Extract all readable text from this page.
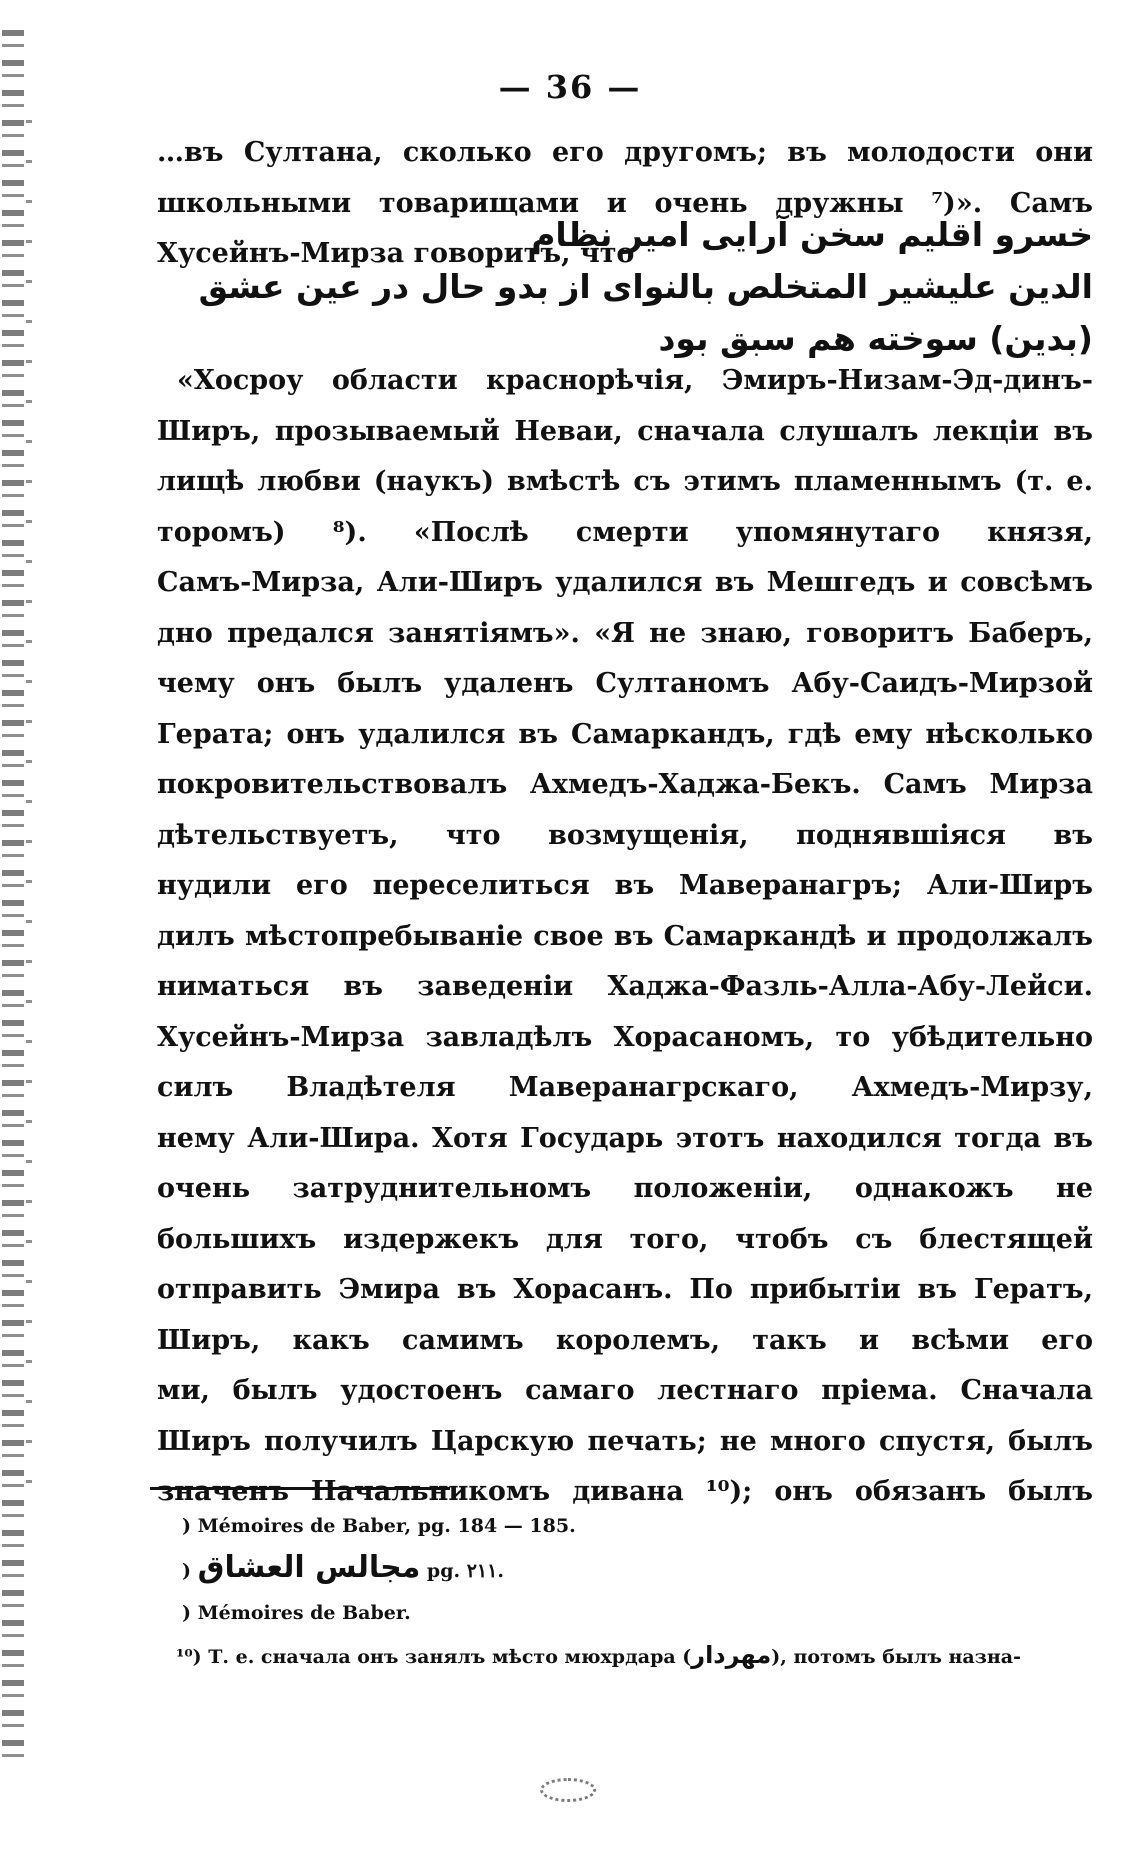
— 36 —
…въ Султана, сколько его другомъ; въ молодости они
школьными товарищами и очень дружны ⁷)». Самъ
Хусейнъ-Мирза говоритъ, что
خسرو اقليم سخن آرايى امير نظام
الدين عليشير المتخلص بالنواى از بدو حال در عين عشق
(بدين) سوخته هم سبق بود
«Хосроу области краснорѣчія, Эмиръ-Низам-Эд-динъ-
Ширъ, прозываемый Неваи, сначала слушалъ лекціи въ
лищѣ любви (наукъ) вмѣстѣ съ этимъ пламеннымъ (т. е.
торомъ) ⁸). «Послѣ смерти упомянутаго князя,
Самъ-Мирза, Али-Ширъ удалился въ Мешгедъ и совсѣмъ
дно предался занятіямъ». «Я не знаю, говоритъ Баберъ,
чему онъ былъ удаленъ Султаномъ Абу-Саидъ-Мирзой
Герата; онъ удалился въ Самаркандъ, гдѣ ему нѣсколько
покровительствовалъ Ахмедъ-Хаджа-Бекъ. Самъ Мирза
дѣтельствуетъ, что возмущенія, поднявшіяся въ
нудили его переселиться въ Маверанагръ; Али-Ширъ
дилъ мѣстопребываніе свое въ Самаркандѣ и продолжалъ
ниматься въ заведеніи Хаджа-Фазль-Алла-Абу-Лейси.
Хусейнъ-Мирза завладѣлъ Хорасаномъ, то убѣдительно
силъ Владѣтеля Маверанагрскаго, Ахмедъ-Мирзу,
нему Али-Шира. Хотя Государь этотъ находился тогда въ
очень затруднительномъ положеніи, однакожъ не
большихъ издержекъ для того, чтобъ съ блестящей
отправить Эмира въ Хорасанъ. По прибытіи въ Гератъ,
Ширъ, какъ самимъ королемъ, такъ и всѣми его
ми, былъ удостоенъ самаго лестнаго пріема. Сначала
Ширъ получилъ Царскую печать; не много спустя, былъ
значенъ Начальникомъ дивана ¹⁰); онъ обязанъ былъ
) Mémoires de Baber, pg. 184 — 185.
) مجالس العشاق pg. ۲۱۱.
) Mémoires de Baber.
¹⁰) Т. е. сначала онъ занялъ мѣсто мюхрдара (مهردار), потомъ былъ назна-
